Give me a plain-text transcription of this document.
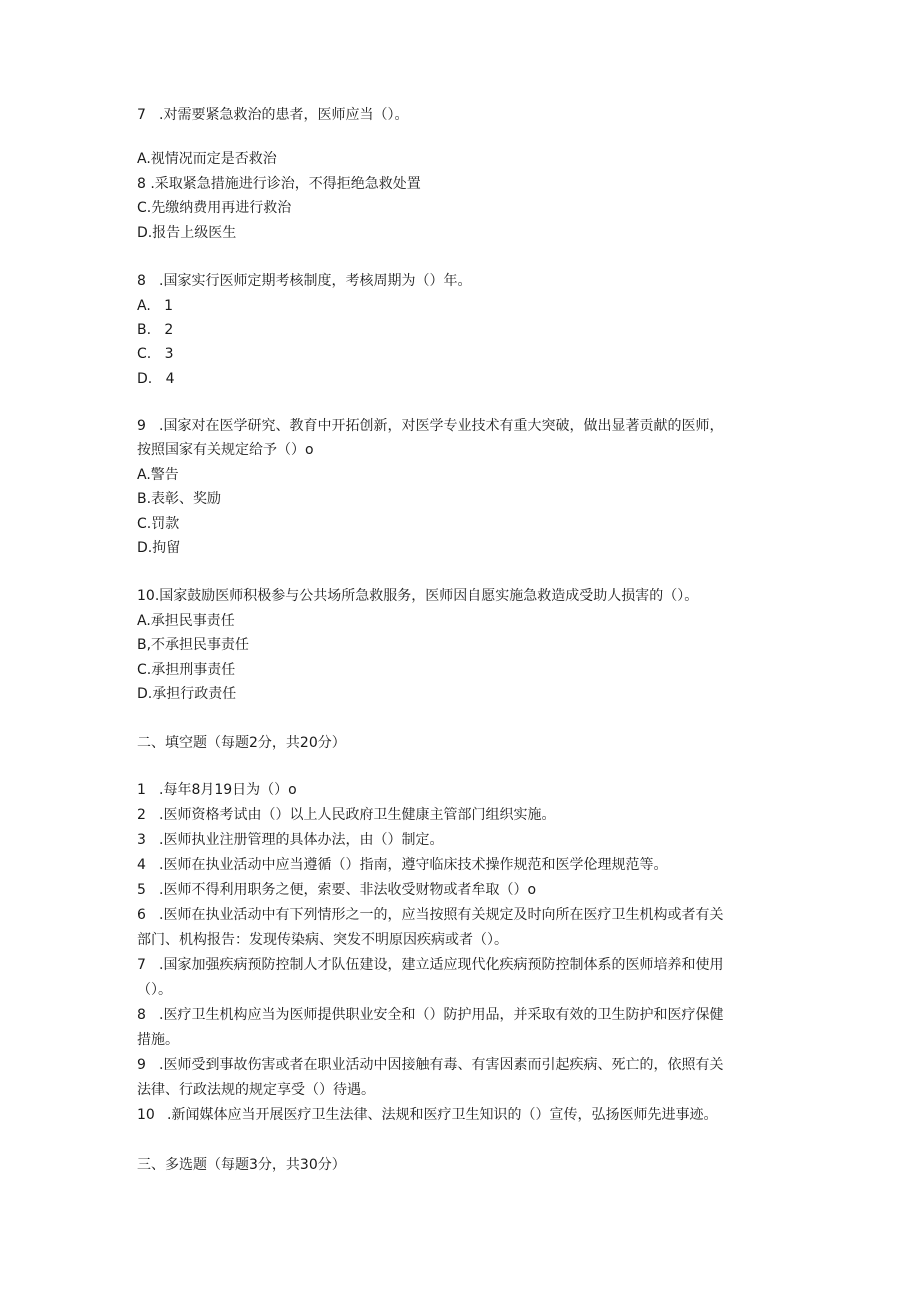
7 .对需要紧急救治的患者，医师应当（）。
A.视情况而定是否救治
8 .采取紧急措施进行诊治，不得拒绝急救处置
C.先缴纳费用再进行救治
D.报告上级医生
8 .国家实行医师定期考核制度，考核周期为（）年。
A.   1
B.   2
C.   3
D.   4
9 .国家对在医学研究、教育中开拓创新，对医学专业技术有重大突破，做出显著贡献的医师，
按照国家有关规定给予（）o
A.警告
B.表彰、奖励
C.罚款
D.拘留
10.国家鼓励医师积极参与公共场所急救服务，医师因自愿实施急救造成受助人损害的（）。
A.承担民事责任
B,不承担民事责任
C.承担刑事责任
D.承担行政责任
二、填空题（每题2分，共20分）
1 .每年8月19日为（）o
2 .医师资格考试由（）以上人民政府卫生健康主管部门组织实施。
3 .医师执业注册管理的具体办法，由（）制定。
4 .医师在执业活动中应当遵循（）指南，遵守临床技术操作规范和医学伦理规范等。
5 .医师不得利用职务之便，索要、非法收受财物或者牟取（）o
6 .医师在执业活动中有下列情形之一的，应当按照有关规定及时向所在医疗卫生机构或者有关
部门、机构报告：发现传染病、突发不明原因疾病或者（）。
7 .国家加强疾病预防控制人才队伍建设，建立适应现代化疾病预防控制体系的医师培养和使用
（）。
8 .医疗卫生机构应当为医师提供职业安全和（）防护用品，并采取有效的卫生防护和医疗保健
措施。
9 .医师受到事故伤害或者在职业活动中因接触有毒、有害因素而引起疾病、死亡的，依照有关
法律、行政法规的规定享受（）待遇。
10 .新闻媒体应当开展医疗卫生法律、法规和医疗卫生知识的（）宣传，弘扬医师先进事迹。
三、多选题（每题3分，共30分）
